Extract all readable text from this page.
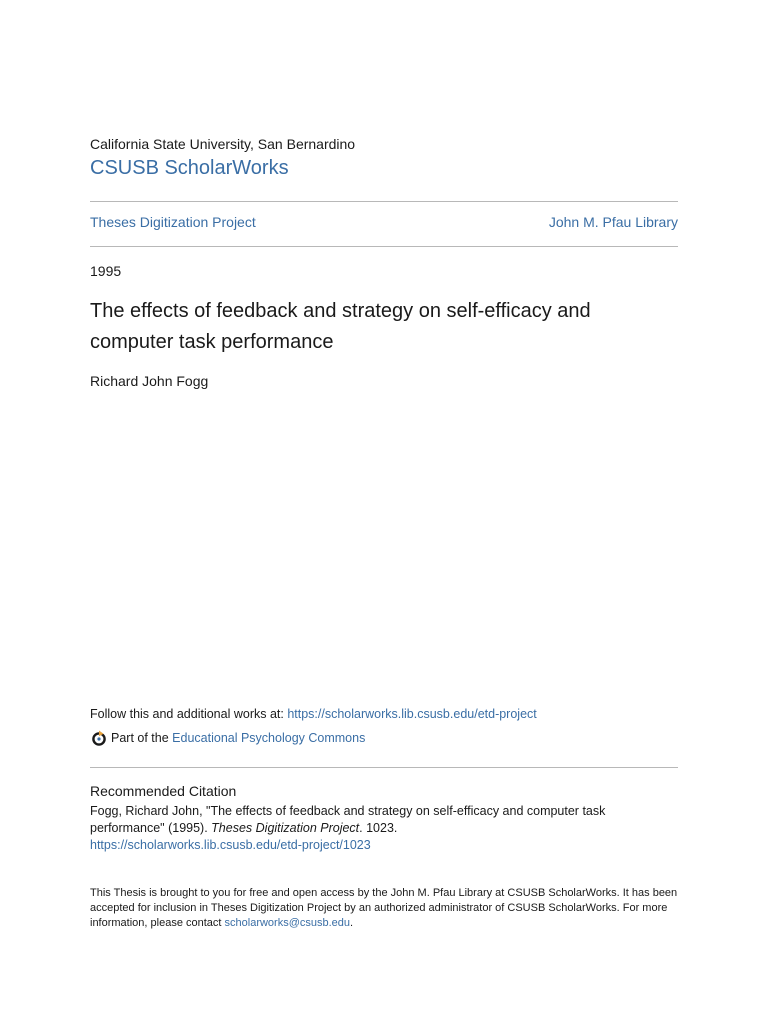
California State University, San Bernardino
CSUSB ScholarWorks
Theses Digitization Project	John M. Pfau Library
1995
The effects of feedback and strategy on self-efficacy and computer task performance
Richard John Fogg
Follow this and additional works at: https://scholarworks.lib.csusb.edu/etd-project
Part of the
Educational Psychology Commons
Recommended Citation
Fogg, Richard John, "The effects of feedback and strategy on self-efficacy and computer task performance" (1995). Theses Digitization Project. 1023.
https://scholarworks.lib.csusb.edu/etd-project/1023
This Thesis is brought to you for free and open access by the John M. Pfau Library at CSUSB ScholarWorks. It has been accepted for inclusion in Theses Digitization Project by an authorized administrator of CSUSB ScholarWorks. For more information, please contact scholarworks@csusb.edu.
